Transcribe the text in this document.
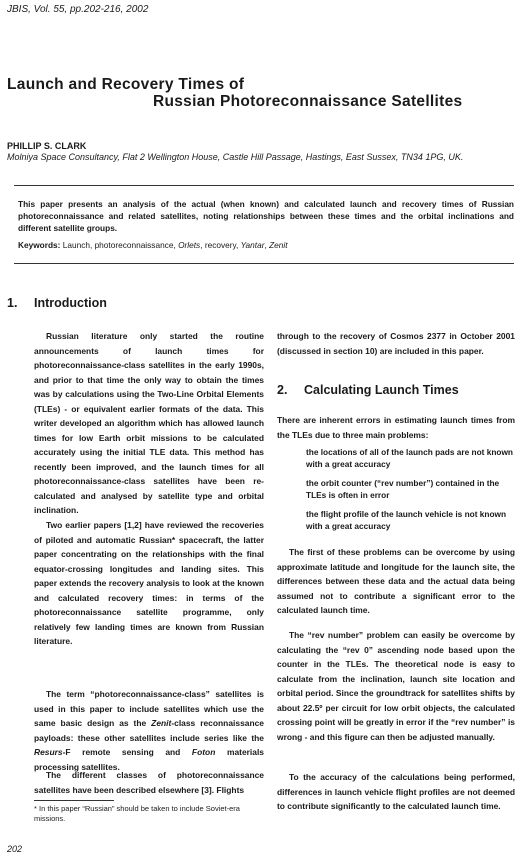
JBIS, Vol. 55, pp.202-216, 2002
Launch and Recovery Times of
Russian Photoreconnaissance Satellites
PHILLIP S. CLARK
Molniya Space Consultancy, Flat 2 Wellington House, Castle Hill Passage, Hastings, East Sussex, TN34 1PG, UK.
This paper presents an analysis of the actual (when known) and calculated launch and recovery times of Russian photoreconnaissance and related satellites, noting relationships between these times and the orbital inclinations and different satellite groups.
Keywords: Launch, photoreconnaissance, Orlets, recovery, Yantar, Zenit
1. Introduction

Russian literature only started the routine announcements of launch times for photoreconnaissance-class satellites in the early 1990s, and prior to that time the only way to obtain the times was by calculations using the Two-Line Orbital Elements (TLEs) - or equivalent earlier formats of the data. This writer developed an algorithm which has allowed launch times for low Earth orbit missions to be calculated accurately using the initial TLE data. This method has recently been improved, and the launch times for all photoreconnaissance-class satellites have been re-calculated and analysed by satellite type and orbital inclination.

Two earlier papers [1,2] have reviewed the recoveries of piloted and automatic Russian* spacecraft, the latter paper concentrating on the relationships with the final equator-crossing longitudes and landing sites. This paper extends the recovery analysis to look at the known and calculated recovery times: in terms of the photoreconnaissance satellite programme, only relatively few landing times are known from Russian literature.

The term “photoreconnaissance-class” satellites is used in this paper to include satellites which use the same basic design as the Zenit-class reconnaissance payloads: these other satellites include series like the Resurs-F remote sensing and Foton materials processing satellites.

The different classes of photoreconnaissance satellites have been described elsewhere [3]. Flights

* In this paper “Russian” should be taken to include Soviet-era missions.

through to the recovery of Cosmos 2377 in October 2001 (discussed in section 10) are included in this paper.

2. Calculating Launch Times

There are inherent errors in estimating launch times from the TLEs due to three main problems:

the locations of all of the launch pads are not known with a great accuracy
the orbit counter (“rev number”) contained in the TLEs is often in error
the flight profile of the launch vehicle is not known with a great accuracy

The first of these problems can be overcome by using approximate latitude and longitude for the launch site, the differences between these data and the actual data being assumed not to contribute a significant error to the calculated launch time.

The “rev number” problem can easily be overcome by calculating the “rev 0” ascending node based upon the counter in the TLEs. The theoretical node is easy to calculate from the inclination, launch site location and orbital period. Since the groundtrack for satellites shifts by about 22.5º per circuit for low orbit objects, the calculated crossing point will be greatly in error if the “rev number” is wrong - and this figure can then be adjusted manually.

To the accuracy of the calculations being performed, differences in launch vehicle flight profiles are not deemed to contribute significantly to the calculated launch time.

202
